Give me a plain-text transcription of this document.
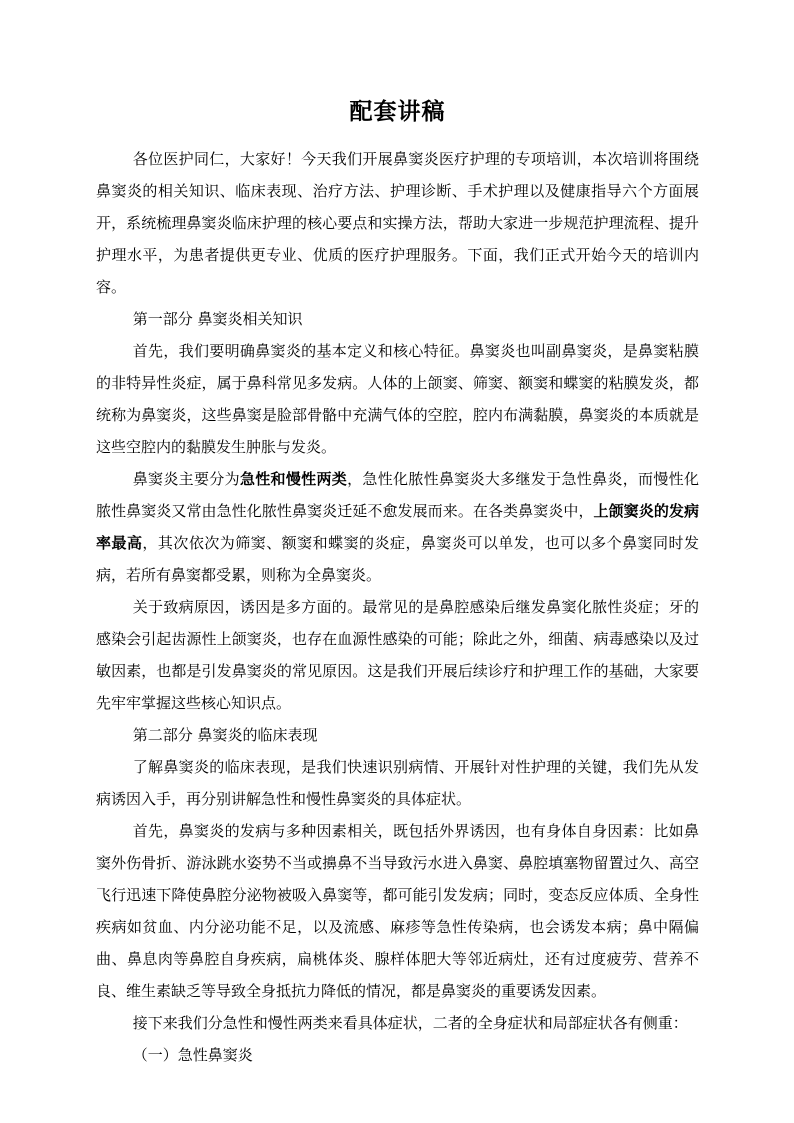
配套讲稿

各位医护同仁，大家好！今天我们开展鼻窦炎医疗护理的专项培训，本次培训将围绕鼻窦炎的相关知识、临床表现、治疗方法、护理诊断、手术护理以及健康指导六个方面展开，系统梳理鼻窦炎临床护理的核心要点和实操方法，帮助大家进一步规范护理流程、提升护理水平，为患者提供更专业、优质的医疗护理服务。下面，我们正式开始今天的培训内容。

第一部分 鼻窦炎相关知识

首先，我们要明确鼻窦炎的基本定义和核心特征。鼻窦炎也叫副鼻窦炎，是鼻窦粘膜的非特异性炎症，属于鼻科常见多发病。人体的上颌窦、筛窦、额窦和蝶窦的粘膜发炎，都统称为鼻窦炎，这些鼻窦是脸部骨骼中充满气体的空腔，腔内布满黏膜，鼻窦炎的本质就是这些空腔内的黏膜发生肿胀与发炎。

鼻窦炎主要分为急性和慢性两类，急性化脓性鼻窦炎大多继发于急性鼻炎，而慢性化脓性鼻窦炎又常由急性化脓性鼻窦炎迁延不愈发展而来。在各类鼻窦炎中，上颌窦炎的发病率最高，其次依次为筛窦、额窦和蝶窦的炎症，鼻窦炎可以单发，也可以多个鼻窦同时发病，若所有鼻窦都受累，则称为全鼻窦炎。

关于致病原因，诱因是多方面的。最常见的是鼻腔感染后继发鼻窦化脓性炎症；牙的感染会引起齿源性上颌窦炎，也存在血源性感染的可能；除此之外，细菌、病毒感染以及过敏因素，也都是引发鼻窦炎的常见原因。这是我们开展后续诊疗和护理工作的基础，大家要先牢牢掌握这些核心知识点。

第二部分 鼻窦炎的临床表现

了解鼻窦炎的临床表现，是我们快速识别病情、开展针对性护理的关键，我们先从发病诱因入手，再分别讲解急性和慢性鼻窦炎的具体症状。

首先，鼻窦炎的发病与多种因素相关，既包括外界诱因，也有身体自身因素：比如鼻窦外伤骨折、游泳跳水姿势不当或擤鼻不当导致污水进入鼻窦、鼻腔填塞物留置过久、高空飞行迅速下降使鼻腔分泌物被吸入鼻窦等，都可能引发发病；同时，变态反应体质、全身性疾病如贫血、内分泌功能不足，以及流感、麻疹等急性传染病，也会诱发本病；鼻中隔偏曲、鼻息肉等鼻腔自身疾病，扁桃体炎、腺样体肥大等邻近病灶，还有过度疲劳、营养不良、维生素缺乏等导致全身抵抗力降低的情况，都是鼻窦炎的重要诱发因素。

接下来我们分急性和慢性两类来看具体症状，二者的全身症状和局部症状各有侧重：

（一）急性鼻窦炎
